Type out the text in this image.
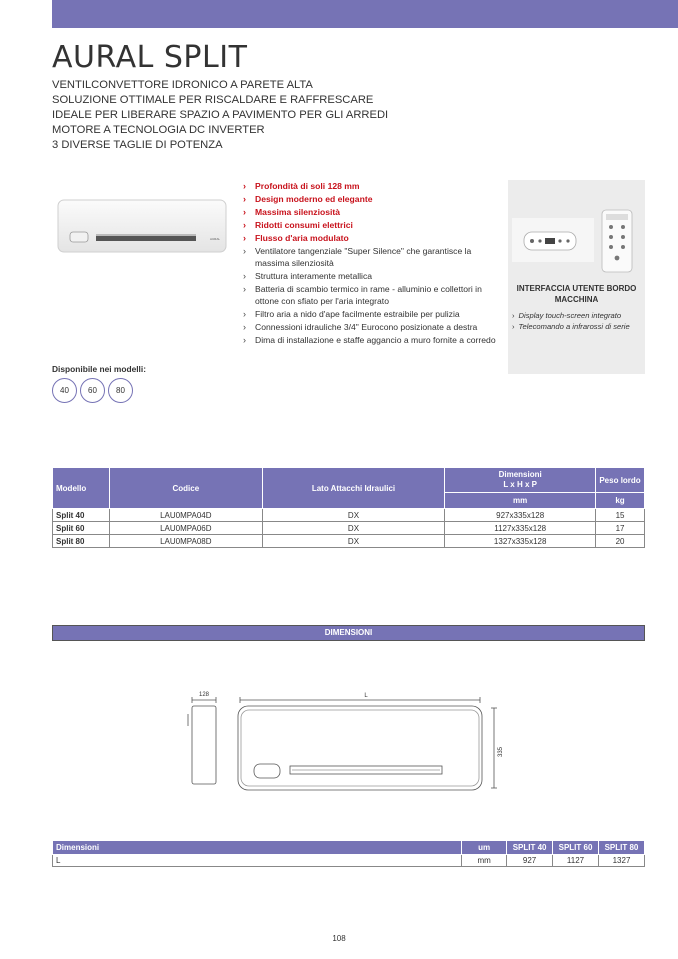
AURAL SPLIT
VENTILCONVETTORE IDRONICO A PARETE ALTA
SOLUZIONE OTTIMALE PER RISCALDARE E RAFFRESCARE
IDEALE PER LIBERARE SPAZIO A PAVIMENTO PER GLI ARREDI
MOTORE A TECNOLOGIA DC INVERTER
3 DIVERSE TAGLIE DI POTENZA
AURAL
› Profondità di soli 128 mm
› Design moderno ed elegante
› Massima silenziosità
› Ridotti consumi elettrici
› Flusso d'aria modulato
› Ventilatore tangenziale "Super Silence" che garantisce la massima silenziosità
› Struttura interamente metallica
› Batteria di scambio termico in rame - alluminio e collettori in ottone con sfiato per l'aria integrato
› Filtro aria a nido d'ape facilmente estraibile per pulizia
› Connessioni idrauliche 3/4" Eurocono posizionate a destra
› Dima di installazione e staffe aggancio a muro fornite a corredo
INTERFACCIA UTENTE BORDO
MACCHINA
› Display touch-screen integrato
› Telecomando a infrarossi di serie
Disponibile nei modelli:
40	60	80
Modello	Codice	Lato Attacchi Idraulici	Dimensioni
L x H x P	Peso lordo
			mm	kg
Split 40	LAU0MPA04D	DX	927x335x128	15
Split 60	LAU0MPA06D	DX	1127x335x128	17
Split 80	LAU0MPA08D	DX	1327x335x128	20
DIMENSIONI
128	L
335
Dimensioni	um	SPLIT 40	SPLIT 60	SPLIT 80
L	mm	927	1127	1327
108
